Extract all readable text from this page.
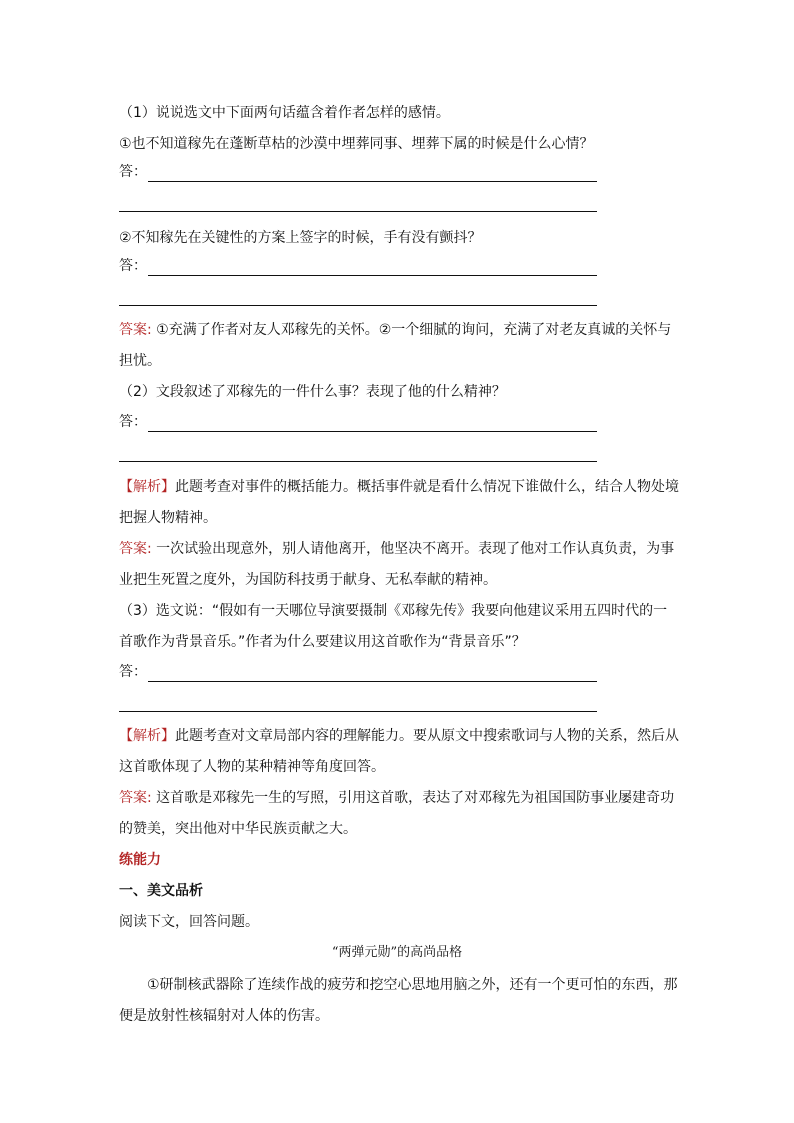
（1）说说选文中下面两句话蕴含着作者怎样的感情。
①也不知道稼先在蓬断草枯的沙漠中埋葬同事、埋葬下属的时候是什么心情？
答：
②不知稼先在关键性的方案上签字的时候，手有没有颤抖？
答：
答案: ①充满了作者对友人邓稼先的关怀。②一个细腻的询问，充满了对老友真诚的关怀与
担忧。
（2）文段叙述了邓稼先的一件什么事？表现了他的什么精神？
答：
【解析】此题考查对事件的概括能力。概括事件就是看什么情况下谁做什么，结合人物处境
把握人物精神。
答案: 一次试验出现意外，别人请他离开，他坚决不离开。表现了他对工作认真负责，为事
业把生死置之度外，为国防科技勇于献身、无私奉献的精神。
（3）选文说：“假如有一天哪位导演要摄制《邓稼先传》我要向他建议采用五四时代的一
首歌作为背景音乐。”作者为什么要建议用这首歌作为“背景音乐”？
答：
【解析】此题考查对文章局部内容的理解能力。要从原文中搜索歌词与人物的关系，然后从
这首歌体现了人物的某种精神等角度回答。
答案: 这首歌是邓稼先一生的写照，引用这首歌，表达了对邓稼先为祖国国防事业屡建奇功
的赞美，突出他对中华民族贡献之大。
练能力
一、美文品析
阅读下文，回答问题。
“两弹元勋”的高尚品格
①研制核武器除了连续作战的疲劳和挖空心思地用脑之外，还有一个更可怕的东西，那
便是放射性核辐射对人体的伤害。
